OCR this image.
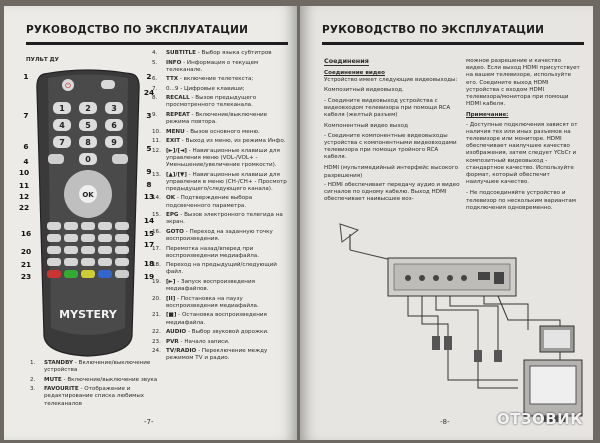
РУКОВОДСТВО ПО ЭКСПЛУАТАЦИИ
ПУЛЬТ ДУ
⏻
1	2	3
4	5	6
7	8	9
0
OK
MYSTERY
1	2
24
3
6
4
5
10	9
8
11
12	13
14
22
16	15
17
20
21	18
19
23
7
1.	STANDBY - Включение/выключение устройства
2.	MUTE - Включение/выключение звука
3.	FAVOURITE - Отображение и редактирование списка любимых телеканалов
4.	SUBTITLE - Выбор языка субтитров
5.	INFO - Информация о текущем телеканале.
6.	TTX - включение телетекста;
7.	0...9 - Цифровые клавиши;
8.	RECALL - Вызов предыдущего просмотренного телеканала.
9.	REPEAT - Включение/выключение режима повтора.
10. MENU - Вызов основного меню.
11. EXIT - Выход из меню, из режима Инфо.
12. [►]/[◄] - Навигационные клавиши для управления меню (VOL-/VOL+ - Уменьшение/увеличение громкости).
13. [▲]/[▼] - Навигационные клавиши для управления в меню (CH-/CH+ - Просмотр предыдущего/следующего канала).
14. OK - Подтверждение выбора подсвеченного параметра.
15. EPG - Вызов электронного телегида на экран.
16. GOTO - Переход на заданную точку воспроизведения.
17. Перемотка назад/вперед при воспроизведении медиафайла.
18. Переход на предыдущий/следующий файл.
19. [►] - Запуск воспроизведения медиафайлов.
20. [II] - Постановка на паузу воспроизведения медиафайла.
21. [■] - Остановка воспроизведения медиафайла.
22. AUDIO - Выбор звуковой дорожки.
23. PVR - Начало записи.
24. TV/RADIO - Переключение между режимом TV и радио.
-7-
РУКОВОДСТВО ПО ЭКСПЛУАТАЦИИ
Соединения
Соединение видео
Устройство имеет следующие видеовыходы:
Композитный видеовыход.
- Соедините видеовыход устройства с видеовходом телевизора при помощи RCA кабеля (желтый разъем)
Компонентный видео выход
- Соедините компонентные видеовыходы устройства с компонентными видеовходами телевизора при помощи тройного RCA кабеля.
HDMI (мультимедийный интерфейс высокого разрешения)
- HDMI обеспечивает передачу аудио и видео сигналов по одному кабелю. Выход HDMI обеспечивает наивысшее воз-
можное разрешение и качество видео. Если выход HDMI присутствует на вашем телевизоре, используйте его. Соедините выход HDMI устройства с входом HDMI телевизора/монитора при помощи HDMI кабеля.
Примечание:
- Доступные подключения зависят от наличия тех или иных разъемов на телевизоре или мониторе. HDMI обеспечивает наилучшее качество изображения, затем следует YCbCr и композитный видеовыход - стандартное качество. Используйте формат, который обеспечит наилучшее качество.
- Не подсоединяйте устройство и телевизор по нескольким вариантам подключения одновременно.
-8-	ОТЗОВИК
